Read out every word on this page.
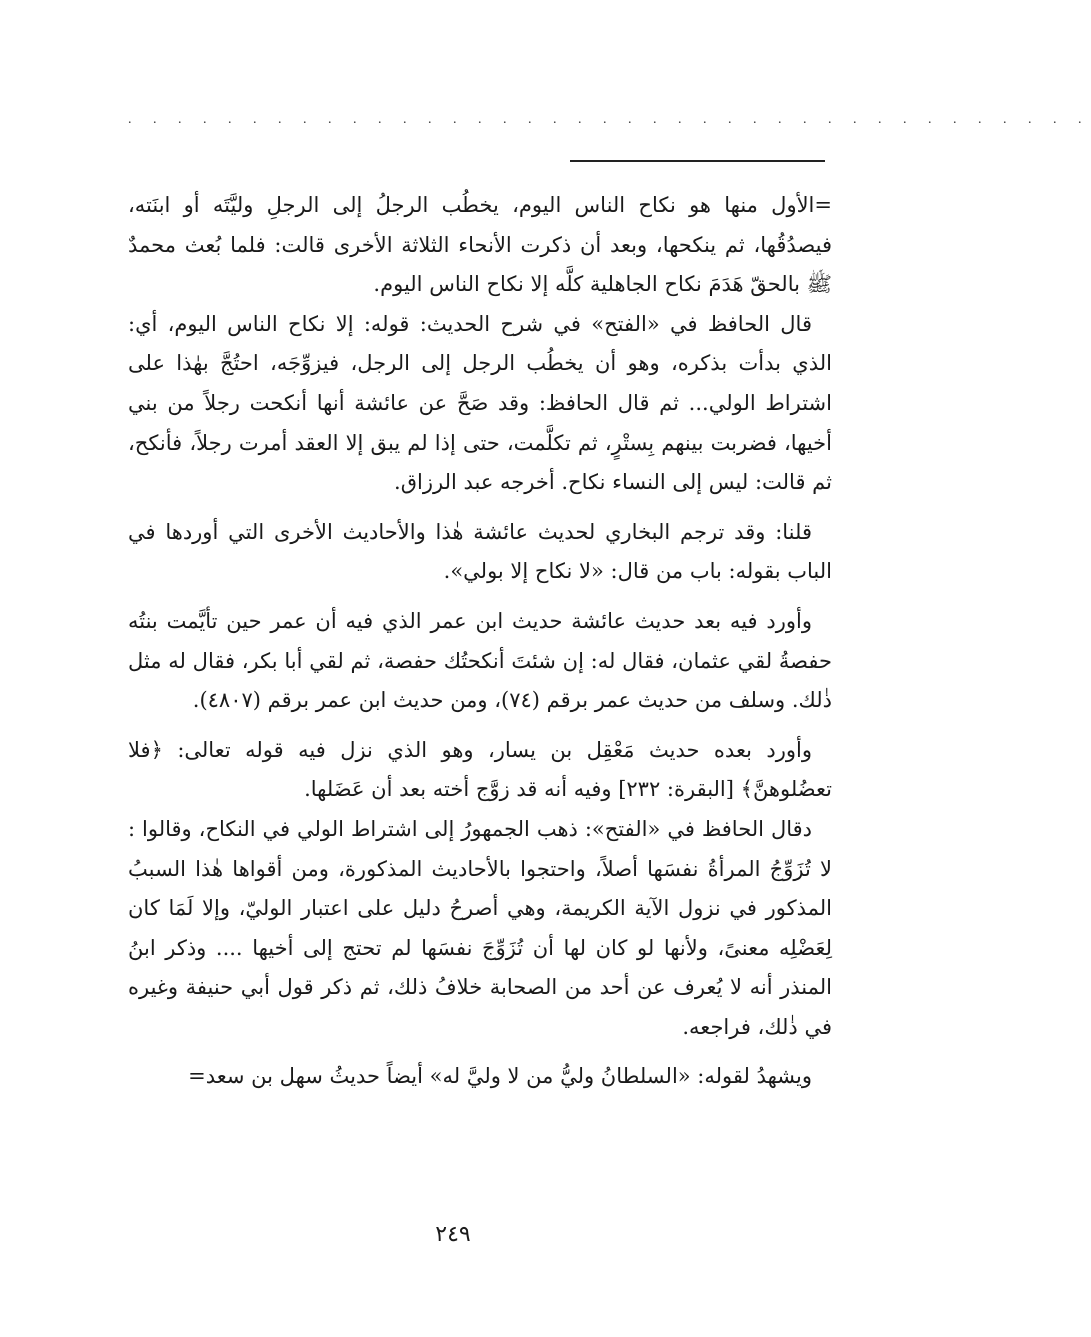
. . . . . . . . . . . . . . . . . . . . . . . . . . . . . . . . . . . . . . .

=الأول منها هو نكاح الناس اليوم، يخطُب الرجلُ إلى الرجلِ وليَّتَه أو ابنَته، فيصدُقُها، ثم ينكحها، وبعد أن ذكرت الأنحاء الثلاثة الأخرى قالت: فلما بُعث محمدٌ ﷺ بالحقّ هَدَمَ نكاح الجاهلية كلَّه إلا نكاح الناس اليوم.

قال الحافظ في «الفتح» في شرح الحديث: قوله: إلا نكاح الناس اليوم، أي: الذي بدأت بذكره، وهو أن يخطُب الرجل إلى الرجل، فيزوِّجَه، احتُجَّ بهٰذا على اشتراط الولي... ثم قال الحافظ: وقد صَحَّ عن عائشة أنها أنكحت رجلاً من بني أخيها، فضربت بينهم بِستْرٍ، ثم تكلَّمت، حتى إذا لم يبق إلا العقد أمرت رجلاً، فأنكح، ثم قالت: ليس إلى النساء نكاح. أخرجه عبد الرزاق.

قلنا: وقد ترجم البخاري لحديث عائشة هٰذا والأحاديث الأخرى التي أوردها في الباب بقوله: باب من قال: «لا نكاح إلا بولي».

وأورد فيه بعد حديث عائشة حديث ابن عمر الذي فيه أن عمر حين تأيَّمت بنتُه حفصةُ لقي عثمان، فقال له: إن شئتَ أنكحتُك حفصة، ثم لقي أبا بكر، فقال له مثل ذٰلك. وسلف من حديث عمر برقم (٧٤)، ومن حديث ابن عمر برقم (٤٨٠٧).

وأورد بعده حديث مَعْقِل بن يسار، وهو الذي نزل فيه قوله تعالى: ﴿فلا تعضُلوهنَّ﴾ [البقرة: ٢٣٢] وفيه أنه قد زوَّج أخته بعد أن عَضَلها.

دقال الحافظ في «الفتح»: ذهب الجمهورُ إلى اشتراط الولي في النكاح، وقالوا : لا تُزَوِّجُ المرأةُ نفسَها أصلاً، واحتجوا بالأحاديث المذكورة، ومن أقواها هٰذا السببُ المذكور في نزول الآية الكريمة، وهي أصرحُ دليل على اعتبار الوليّ، وإلا لَمَا كان لِعَضْلِه معنىً، ولأنها لو كان لها أن تُزَوِّجَ نفسَها لم تحتج إلى أخيها .... وذكر ابنُ المنذر أنه لا يُعرف عن أحد من الصحابة خلافُ ذلك، ثم ذكر قول أبي حنيفة وغيره في ذٰلك، فراجعه.

ويشهدُ لقوله: «السلطانُ وليُّ من لا وليَّ له» أيضاً حديثُ سهل بن سعد=

٢٤٩
